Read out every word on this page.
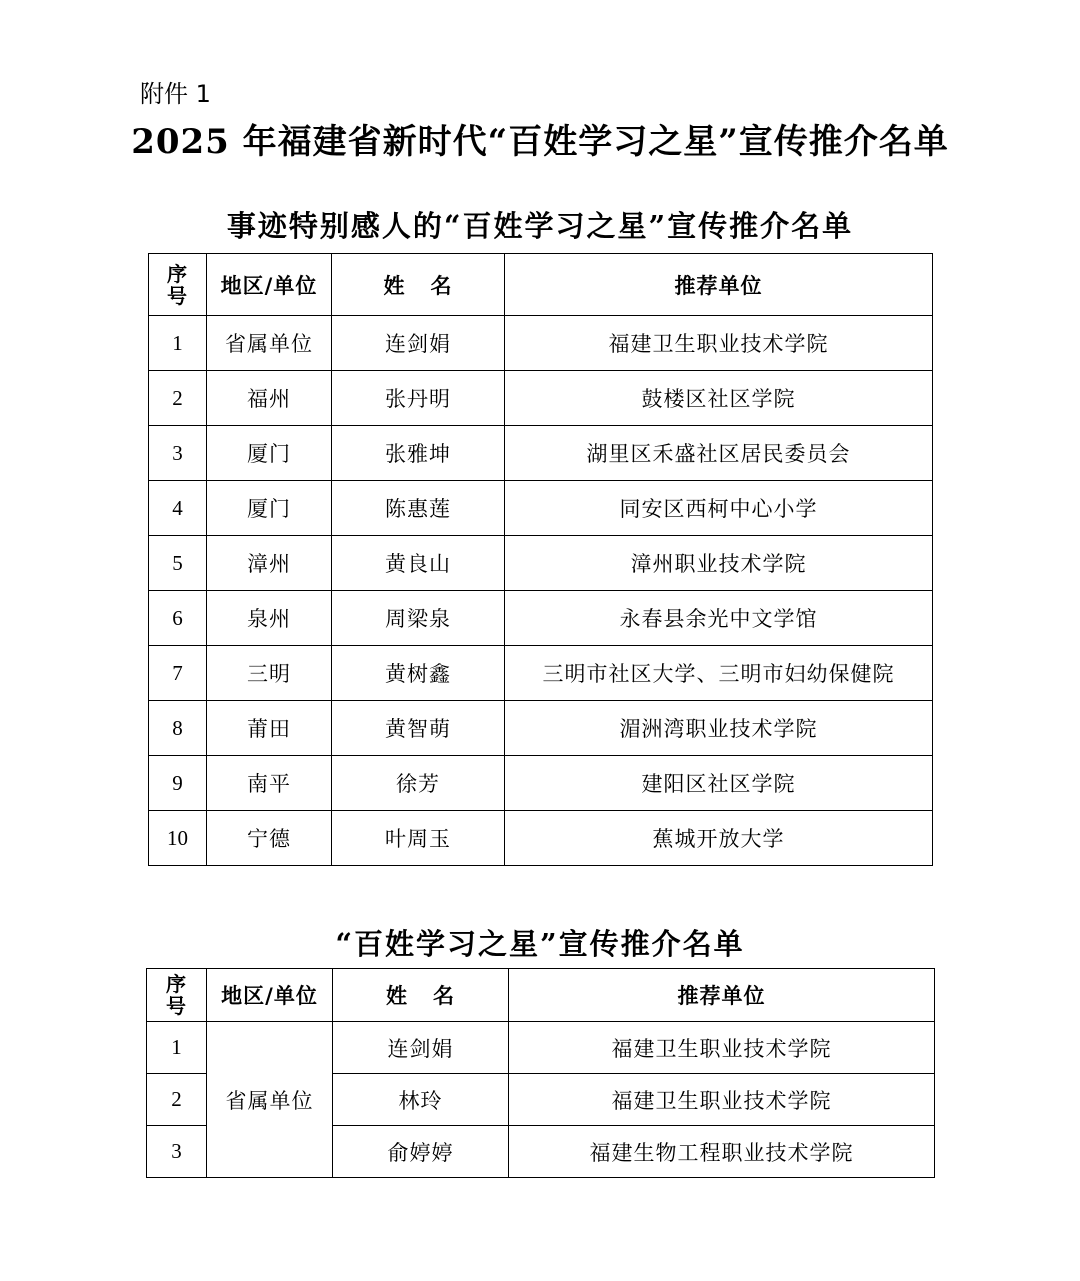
附件 1
2025 年福建省新时代“百姓学习之星”宣传推介名单
事迹特别感人的“百姓学习之星”宣传推介名单
序
号	地区/单位	姓   名	推荐单位
1	省属单位	连剑娟	福建卫生职业技术学院
2	福州	张丹明	鼓楼区社区学院
3	厦门	张雅坤	湖里区禾盛社区居民委员会
4	厦门	陈惠莲	同安区西柯中心小学
5	漳州	黄良山	漳州职业技术学院
6	泉州	周梁泉	永春县余光中文学馆
7	三明	黄树鑫	三明市社区大学、三明市妇幼保健院
8	莆田	黄智萌	湄洲湾职业技术学院
9	南平	徐芳	建阳区社区学院
10	宁德	叶周玉	蕉城开放大学
“百姓学习之星”宣传推介名单
序
号	地区/单位	姓   名	推荐单位
1	省属单位	连剑娟	福建卫生职业技术学院
2		林玲	福建卫生职业技术学院
3		俞婷婷	福建生物工程职业技术学院
